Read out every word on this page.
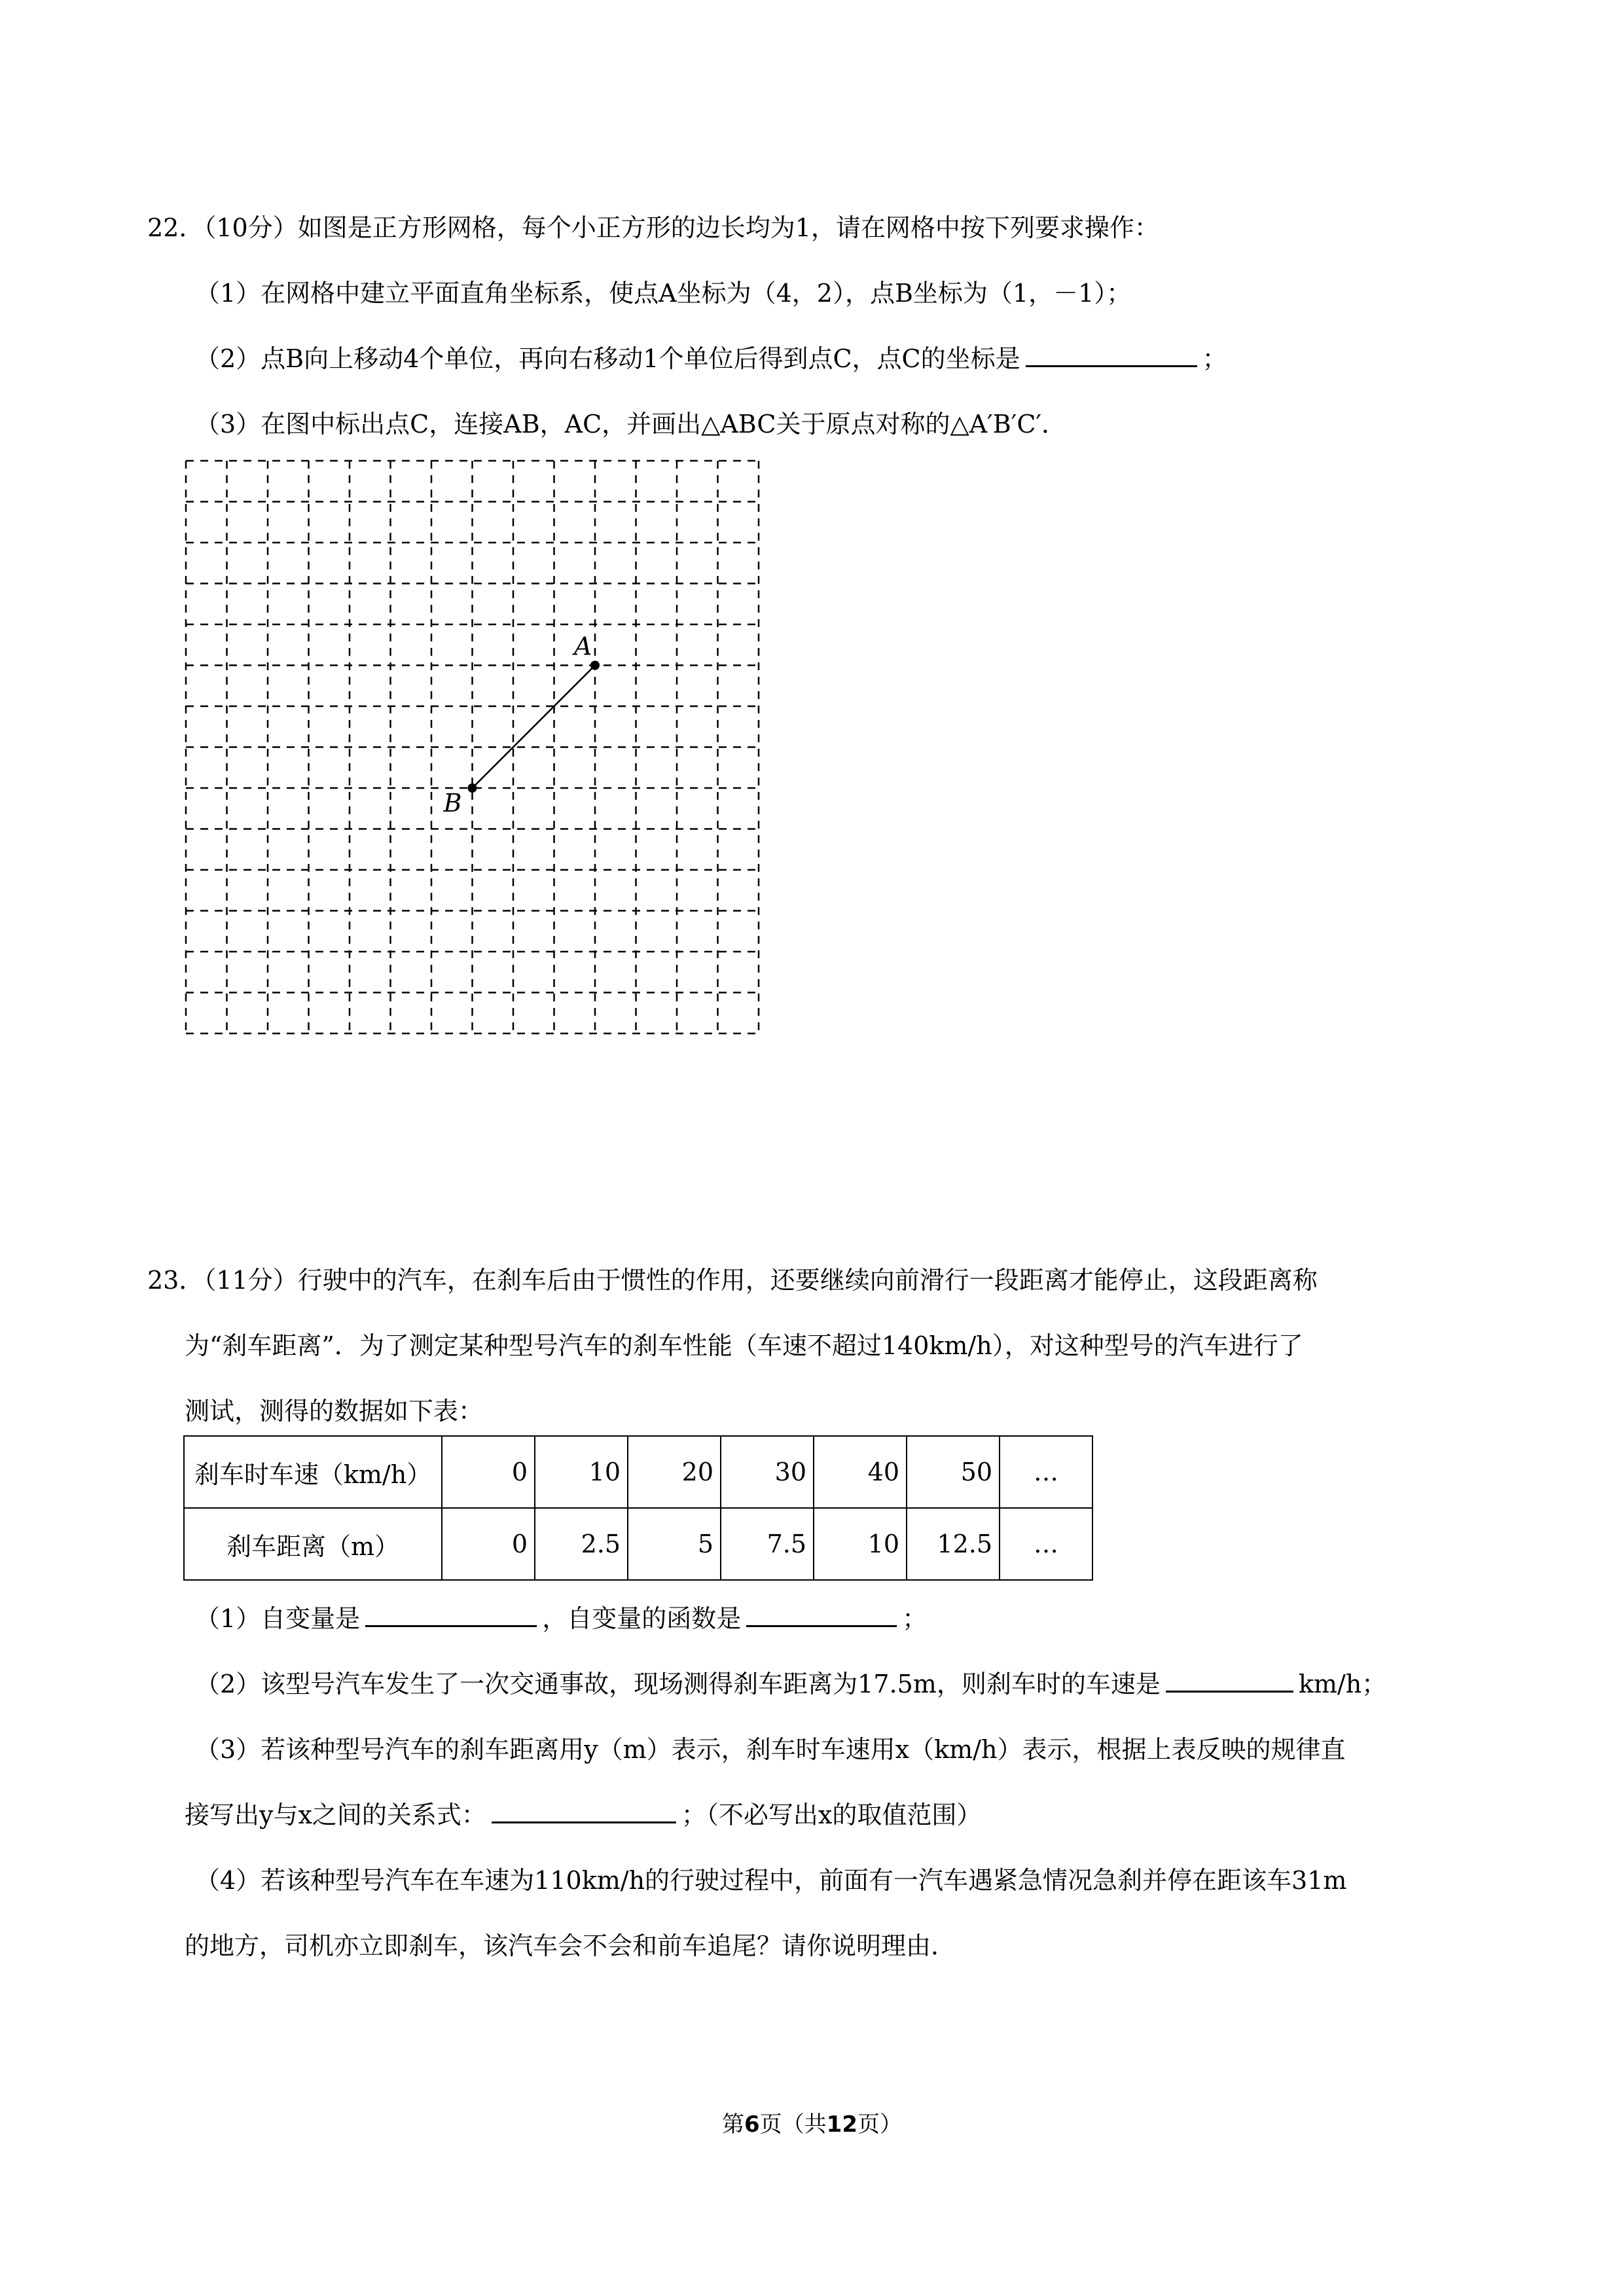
22．（10分）如图是正方形网格，每个小正方形的边长均为1，请在网格中按下列要求操作：
（1）在网格中建立平面直角坐标系，使点A坐标为（4，2），点B坐标为（1，－1）；
（2）点B向上移动4个单位，再向右移动1个单位后得到点C，点C的坐标是	；
（3）在图中标出点C，连接AB，AC，并画出△ABC关于原点对称的△A′B′C′．
A
B
23．（11分）行驶中的汽车，在刹车后由于惯性的作用，还要继续向前滑行一段距离才能停止，这段距离称
为“刹车距离”．为了测定某种型号汽车的刹车性能（车速不超过140km/h），对这种型号的汽车进行了
测试，测得的数据如下表：
刹车时车速（km/h）	0	10	20	30	40	50	…
刹车距离（m）	0	2.5	5	7.5	10	12.5	…
（1）自变量是	，自变量的函数是	；
（2）该型号汽车发生了一次交通事故，现场测得刹车距离为17.5m，则刹车时的车速是	km/h；
（3）若该种型号汽车的刹车距离用y（m）表示，刹车时车速用x（km/h）表示，根据上表反映的规律直
接写出y与x之间的关系式：	；（不必写出x的取值范围）
（4）若该种型号汽车在车速为110km/h的行驶过程中，前面有一汽车遇紧急情况急刹并停在距该车31m
的地方，司机亦立即刹车，该汽车会不会和前车追尾？请你说明理由．
第6页（共12页）
